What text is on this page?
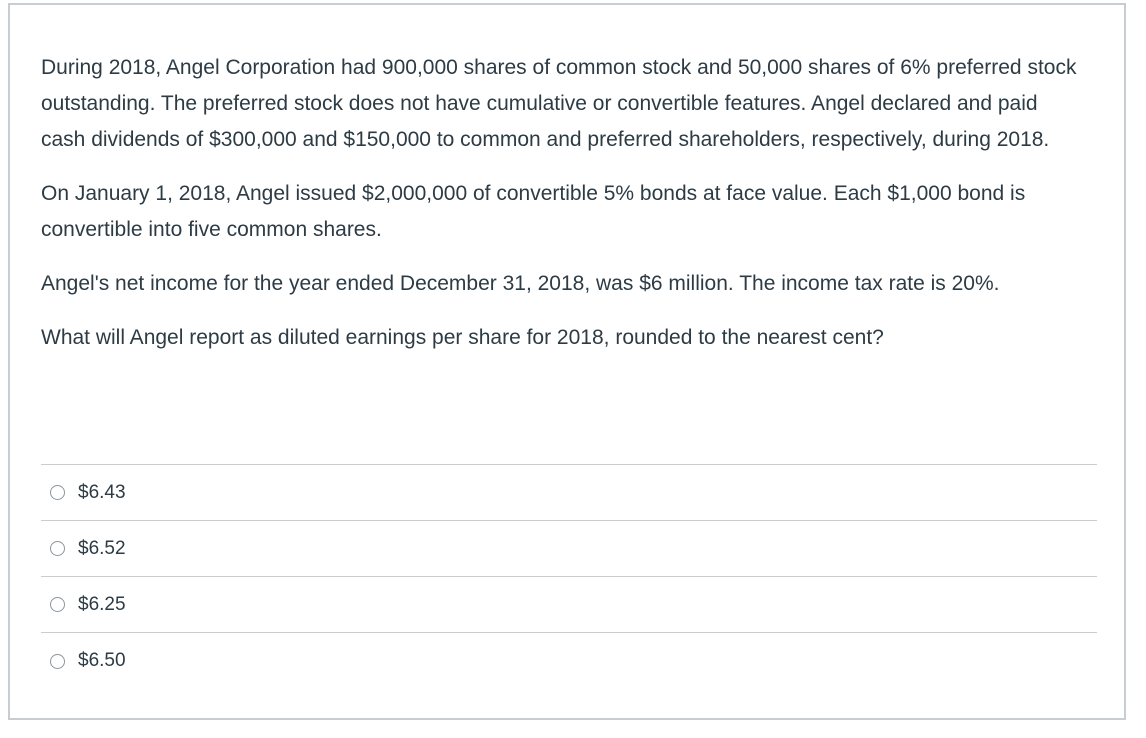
During 2018, Angel Corporation had 900,000 shares of common stock and 50,000 shares of 6% preferred stock outstanding. The preferred stock does not have cumulative or convertible features. Angel declared and paid cash dividends of $300,000 and $150,000 to common and preferred shareholders, respectively, during 2018.

On January 1, 2018, Angel issued $2,000,000 of convertible 5% bonds at face value. Each $1,000 bond is convertible into five common shares.

Angel's net income for the year ended December 31, 2018, was $6 million. The income tax rate is 20%.

What will Angel report as diluted earnings per share for 2018, rounded to the nearest cent?

$6.43
$6.52
$6.25
$6.50
